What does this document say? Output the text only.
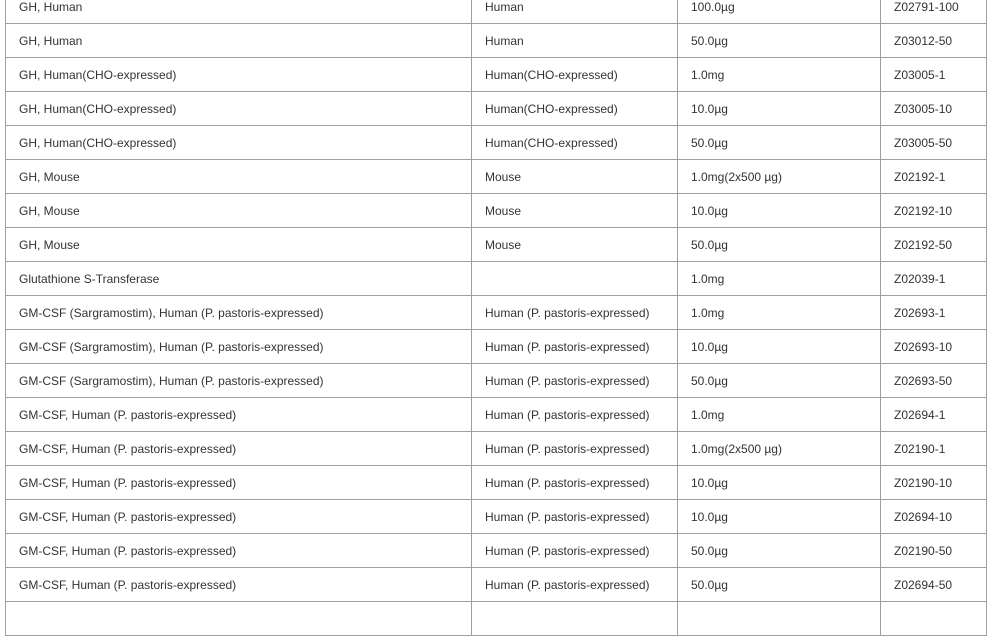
GH, Human	Human	100.0µg	Z02791-100
GH, Human	Human	50.0µg	Z03012-50
GH, Human(CHO-expressed)	Human(CHO-expressed)	1.0mg	Z03005-1
GH, Human(CHO-expressed)	Human(CHO-expressed)	10.0µg	Z03005-10
GH, Human(CHO-expressed)	Human(CHO-expressed)	50.0µg	Z03005-50
GH, Mouse	Mouse	1.0mg(2x500 µg)	Z02192-1
GH, Mouse	Mouse	10.0µg	Z02192-10
GH, Mouse	Mouse	50.0µg	Z02192-50
Glutathione S-Transferase		1.0mg	Z02039-1
GM-CSF (Sargramostim), Human (P. pastoris-expressed)	Human (P. pastoris-expressed)	1.0mg	Z02693-1
GM-CSF (Sargramostim), Human (P. pastoris-expressed)	Human (P. pastoris-expressed)	10.0µg	Z02693-10
GM-CSF (Sargramostim), Human (P. pastoris-expressed)	Human (P. pastoris-expressed)	50.0µg	Z02693-50
GM-CSF, Human (P. pastoris-expressed)	Human (P. pastoris-expressed)	1.0mg	Z02694-1
GM-CSF, Human (P. pastoris-expressed)	Human (P. pastoris-expressed)	1.0mg(2x500 µg)	Z02190-1
GM-CSF, Human (P. pastoris-expressed)	Human (P. pastoris-expressed)	10.0µg	Z02190-10
GM-CSF, Human (P. pastoris-expressed)	Human (P. pastoris-expressed)	10.0µg	Z02694-10
GM-CSF, Human (P. pastoris-expressed)	Human (P. pastoris-expressed)	50.0µg	Z02190-50
GM-CSF, Human (P. pastoris-expressed)	Human (P. pastoris-expressed)	50.0µg	Z02694-50
